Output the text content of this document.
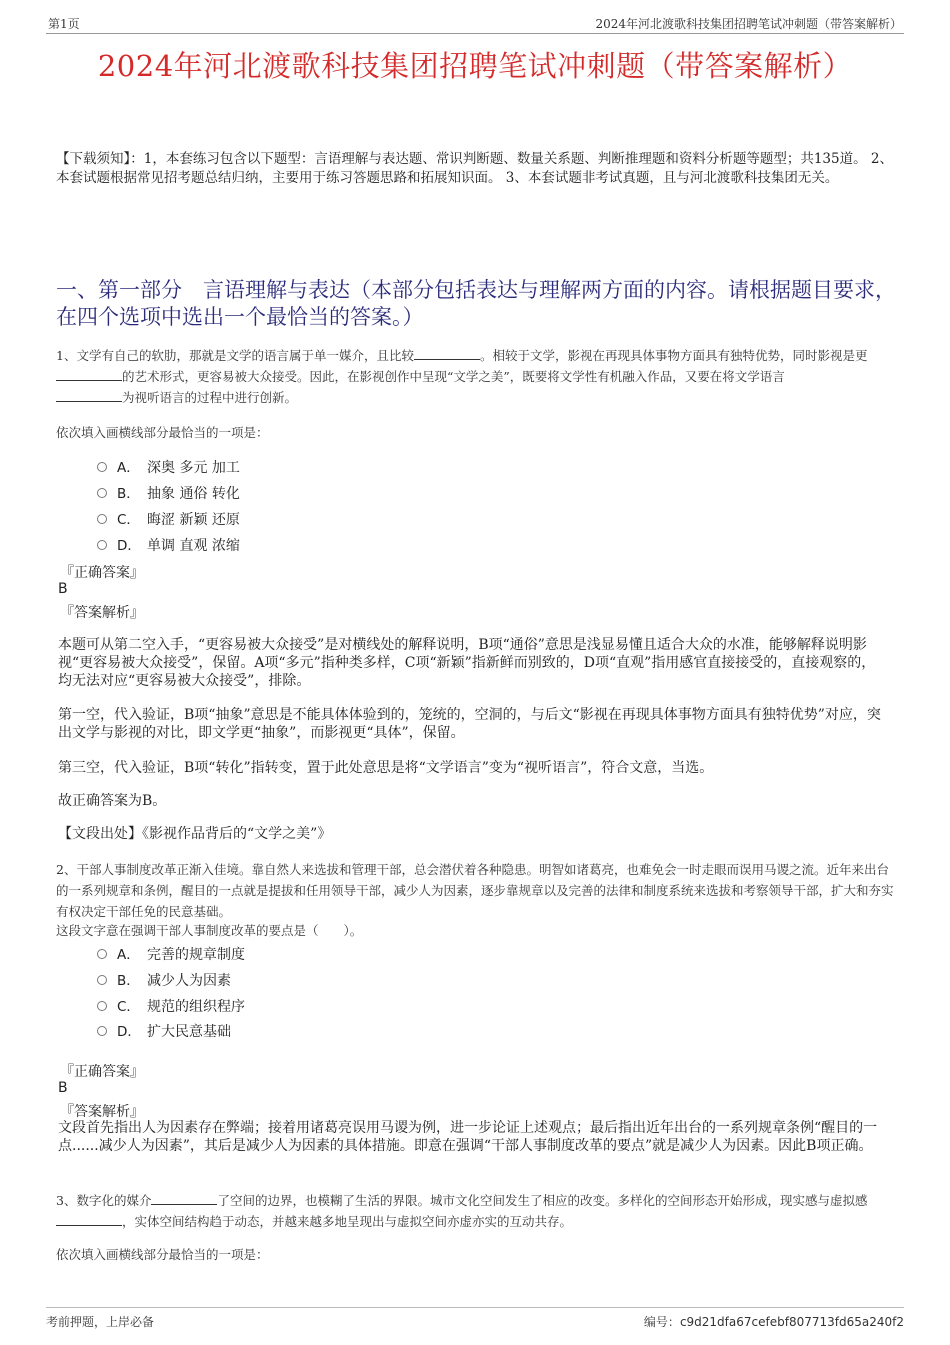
第1页	2024年河北渡歌科技集团招聘笔试冲刺题（带答案解析）
2024年河北渡歌科技集团招聘笔试冲刺题（带答案解析）
【下载须知】：1，本套练习包含以下题型：言语理解与表达题、常识判断题、数量关系题、判断推理题和资料分析题等题型；共135道。 2、本套试题根据常见招考题总结归纳，主要用于练习答题思路和拓展知识面。 3、本套试题非考试真题，且与河北渡歌科技集团无关。
一、第一部分　言语理解与表达（本部分包括表达与理解两方面的内容。请根据题目要求，在四个选项中选出一个最恰当的答案。）
1、文学有自己的软肋，那就是文学的语言属于单一媒介，且比较	。相较于文学，影视在再现具体事物方面具有独特优势，同时影视是更的艺术形式，更容易被大众接受。因此，在影视创作中呈现“文学之美”，既要将文学性有机融入作品，又要在将文学语言
为视听语言的过程中进行创新。
依次填入画横线部分最恰当的一项是：
A． 深奥 多元 加工
B． 抽象 通俗 转化
C． 晦涩 新颖 还原
D． 单调 直观 浓缩
『正确答案』
B
『答案解析』
本题可从第二空入手，“更容易被大众接受”是对横线处的解释说明，B项“通俗”意思是浅显易懂且适合大众的水准，能够解释说明影视“更容易被大众接受”，保留。A项“多元”指种类多样，C项“新颖”指新鲜而别致的，D项“直观”指用感官直接接受的，直接观察的，均无法对应“更容易被大众接受”，排除。
第一空，代入验证，B项“抽象”意思是不能具体体验到的，笼统的，空洞的，与后文“影视在再现具体事物方面具有独特优势”对应，突出文学与影视的对比，即文学更“抽象”，而影视更“具体”，保留。
第三空，代入验证，B项“转化”指转变，置于此处意思是将“文学语言”变为“视听语言”，符合文意，当选。
故正确答案为B。
【文段出处】《影视作品背后的“文学之美”》
2、干部人事制度改革正渐入佳境。靠自然人来选拔和管理干部，总会潜伏着各种隐患。明智如诸葛亮，也难免会一时走眼而误用马谡之流。近年来出台的一系列规章和条例，醒目的一点就是提拔和任用领导干部，减少人为因素，逐步靠规章以及完善的法律和制度系统来选拔和考察领导干部，扩大和夯实有权决定干部任免的民意基础。
这段文字意在强调干部人事制度改革的要点是（　　）。
A． 完善的规章制度
B． 减少人为因素
C． 规范的组织程序
D． 扩大民意基础
『正确答案』
B
『答案解析』
文段首先指出人为因素存在弊端；接着用诸葛亮误用马谡为例，进一步论证上述观点；最后指出近年出台的一系列规章条例“醒目的一点......减少人为因素”，其后是减少人为因素的具体措施。即意在强调“干部人事制度改革的要点”就是减少人为因素。因此B项正确。
3、数字化的媒介	了空间的边界，也模糊了生活的界限。城市文化空间发生了相应的改变。多样化的空间形态开始形成，现实感与虚拟感，实体空间结构趋于动态，并越来越多地呈现出与虚拟空间亦虚亦实的互动共存。
依次填入画横线部分最恰当的一项是：
考前押题，上岸必备	编号：c9d21dfa67cefebf807713fd65a240f2
